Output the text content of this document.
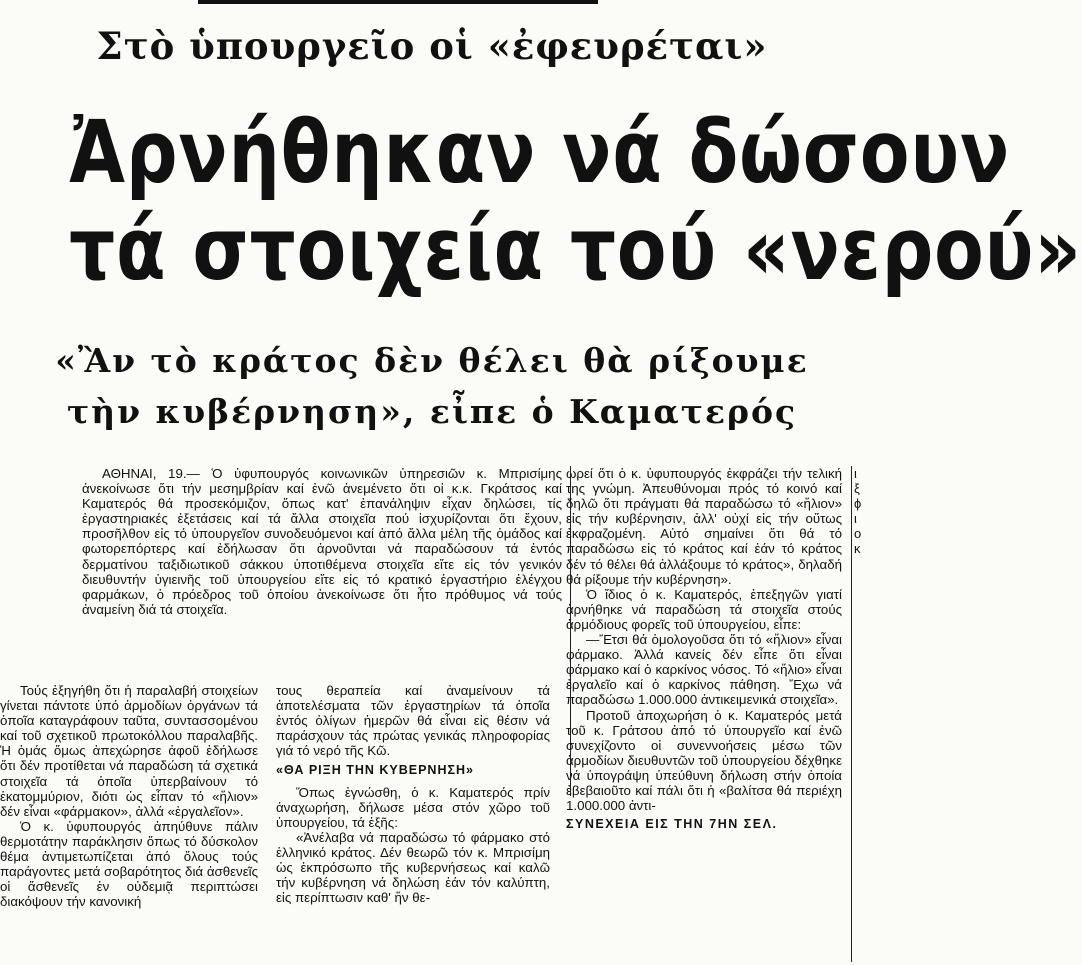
Στὸ ὑπουργεῖο οἱ «ἐφευρέται»
Ἀρνήθηκαν νά δώσουν
τά στοιχεία τού «νερού»
«Ἂν τὸ κράτος δὲν θέλει θὰ ρίξουμε
τὴν κυβέρνηση», εἶπε ὁ Καματερός

ΑΘΗΝΑΙ, 19.— Ὁ ὑφυπουργός κοινωνικῶν ὑπηρεσιῶν κ. Μπρισίμης ἀνεκοίνωσε ὅτι τήν μεσημβρίαν καί ἐνῶ ἀνεμένετο ὅτι οἱ κ.κ. Γκράτσος καί Καματερός θά προσεκόμιζον, ὅπως κατ' ἐπανάληψιν εἶχαν δηλώσει, τίς ἐργαστηριακές ἐξετάσεις καί τά ἄλλα στοιχεῖα πού ἰσχυρίζονται ὅτι ἔχουν, προσῆλθον εἰς τό ὑπουργεῖον συνοδευόμενοι καί ἀπό ἄλλα μέλη τῆς ὁμάδος καί φωτορεπόρτερς καί ἐδήλωσαν ὅτι ἀρνοῦνται νά παραδώσουν τά ἐντός δερματίνου ταξιδιωτικοῦ σάκκου ὑποτιθέμενα στοιχεῖα εἴτε εἰς τόν γενικόν διευθυντήν ὑγιεινῆς τοῦ ὑπουργείου εἴτε εἰς τό κρατικό ἐργαστήριο ἐλέγχου φαρμάκων, ὁ πρόεδρος τοῦ ὁποίου ἀνεκοίνωσε ὅτι ἦτο πρόθυμος νά τούς ἀναμείνη διά τά στοιχεῖα.

Τούς ἐξηγήθη ὅτι ἡ παραλαβή στοιχείων γίνεται πάντοτε ὑπό ἁρμοδίων ὀργάνων τά ὁποῖα καταγράφουν ταῦτα, συντασσομένου καί τοῦ σχετικοῦ πρωτοκόλλου παραλαβῆς. Ἡ ὁμάς ὅμως ἀπεχώρησε ἀφοῦ ἐδήλωσε ὅτι δέν προτίθεται νά παραδώση τά σχετικά στοιχεῖα τά ὁποῖα ὑπερβαίνουν τό ἑκατομμύριον, διότι ὡς εἶπαν τό «ἥλιον» δέν εἶναι «φάρμακον», ἀλλά «ἐργαλεῖον».

Ὁ κ. ὑφυπουργός ἀπηύθυνε πάλιν θερμοτάτην παράκλησιν ὅπως τό δύσκολον θέμα ἀντιμετωπίζεται ἀπό ὅλους τούς παράγοντες μετά σοβαρότητος διά ἀσθενεῖς οἱ ἄσθενεῖς ἐν οὐδεμιᾷ περιπτώσει διακόψουν τήν κανονική

τους θεραπεία καί ἀναμείνουν τά ἀποτελέσματα τῶν ἐργαστηρίων τά ὁποῖα ἐντός ὀλίγων ἡμερῶν θά εἶναι εἰς θέσιν νά παράσχουν τάς πρώτας γενικάς πληροφορίας γιά τό νερό τῆς Κῶ.

«ΘΑ ΡΙΞΗ ΤΗΝ ΚΥΒΕΡΝΗΣΗ»

Ὅπως ἐγνώσθη, ὁ κ. Καματερός πρίν ἀναχωρήση, δήλωσε μέσα στόν χῶρο τοῦ ὑπουργείου, τά ἑξῆς:

«Ἀνέλαβα νά παραδώσω τό φάρμακο στό ἑλληνικό κράτος. Δέν θεωρῶ τόν κ. Μπρισίμη ὡς ἐκπρόσωπο τῆς κυβερνήσεως καί καλῶ τήν κυβέρνηση νά δηλώση ἐάν τόν καλύπτη, εἰς περίπτωσιν καθ' ἥν θε-

ωρεί ὅτι ὁ κ. ὑφυπουργός ἐκφράζει τήν τελική της γνώμη. Ἀπευθύνομαι πρός τό κοινό καί δηλῶ ὅτι πράγματι θά παραδώσω τό «ἥλιον» εἰς τήν κυβέρνησιν, ἀλλ' οὐχί εἰς τήν οὕτως ἐκφραζομένη. Αὐτό σημαίνει ὅτι θά τό παραδώσω εἰς τό κράτος καί ἐάν τό κράτος δέν τό θέλει θά ἀλλάξουμε τό κράτος», δηλαδή θά ρίξουμε τήν κυβέρνηση».

Ὁ ἴδιος ὁ κ. Καματερός, ἐπεξηγῶν γιατί ἀρνήθηκε νά παραδώση τά στοιχεῖα στούς ἁρμόδιους φορεῖς τοῦ ὑπουργείου, εἶπε:

—Ἔτσι θά ὁμολογοῦσα ὅτι τό «ἥλιον» εἶναι φάρμακο. Ἀλλά κανείς δέν εἶπε ὅτι εἶναι φάρμακο καί ὁ καρκίνος νόσος. Τό «ἥλιο» εἶναι ἐργαλεῖο καί ὁ καρκίνος πάθηση. Ἔχω νά παραδώσω 1.000.000 ἀντικειμενικά στοιχεῖα».

Προτοῦ ἀποχωρήση ὁ κ. Καματερός μετά τοῦ κ. Γράτσου ἀπό τό ὑπουργεῖο καί ἐνῶ συνεχίζοντο οἱ συνεννοήσεις μέσω τῶν ἁρμοδίων διευθυντῶν τοῦ ὑπουργείου δέχθηκε νά ὑπογράψη ὑπεύθυνη δήλωση στήν ὁποία ἐβεβαιοῦτο καί πάλι ὅτι ἡ «βαλίτσα θά περιέχη 1.000.000 ἀντι-

ΣΥΝΕΧΕΙΑ ΕΙΣ ΤΗΝ 7ΗΝ ΣΕΛ.
ι
ξ
ϕ
ι
ο
κ
